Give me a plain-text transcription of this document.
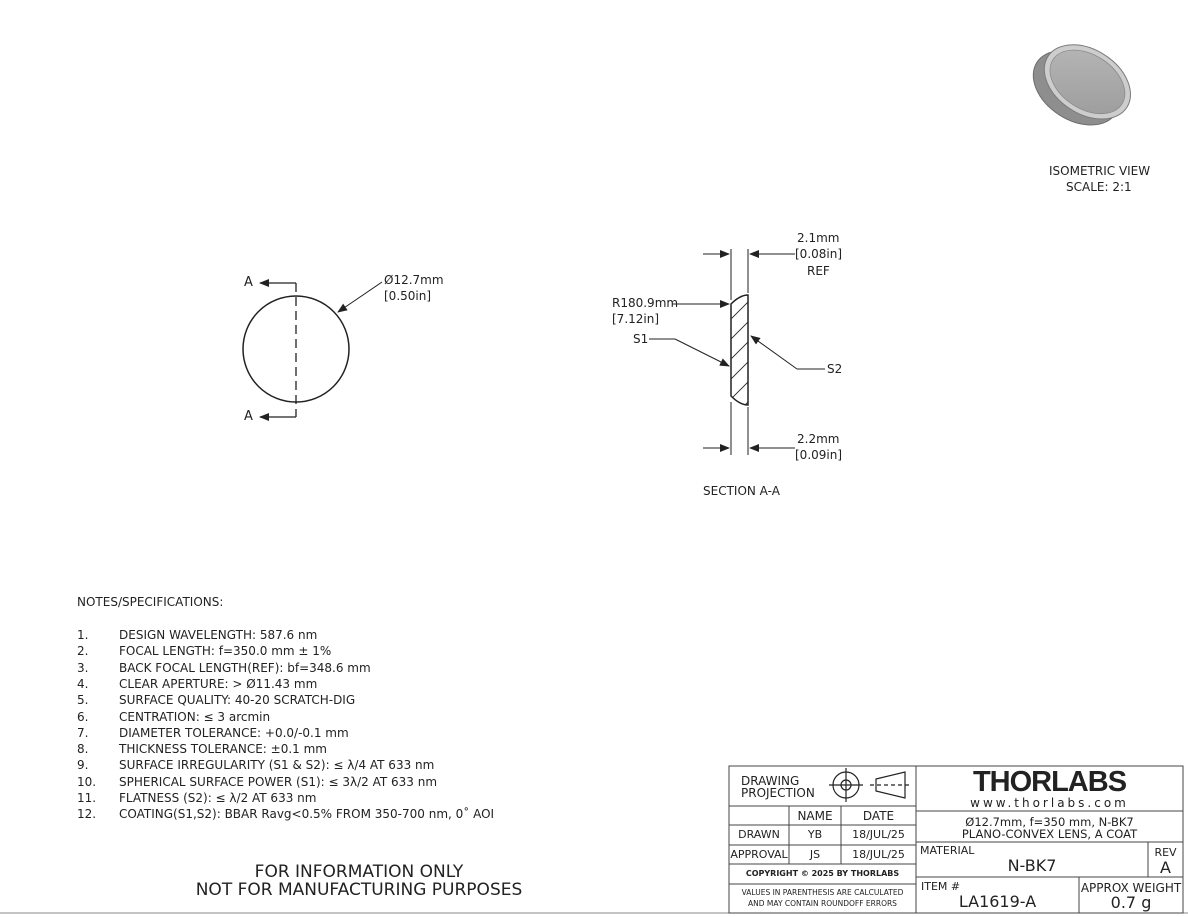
ISOMETRIC VIEW
SCALE: 2:1
A
A
Ø12.7mm
[0.50in]
2.1mm
[0.08in]
REF
R180.9mm
[7.12in]
S1
S2
2.2mm
[0.09in]
SECTION A-A
NOTES/SPECIFICATIONS:
1.	DESIGN WAVELENGTH: 587.6 nm
2.	FOCAL LENGTH: f=350.0 mm ± 1%
3.	BACK FOCAL LENGTH(REF): bf=348.6 mm
4.	CLEAR APERTURE: > Ø11.43 mm
5.	SURFACE QUALITY: 40-20 SCRATCH-DIG
6.	CENTRATION: ≤ 3 arcmin
7.	DIAMETER TOLERANCE: +0.0/-0.1 mm
8.	THICKNESS TOLERANCE: ±0.1 mm
9.	SURFACE IRREGULARITY (S1 & S2): ≤ λ/4 AT 633 nm
10. SPHERICAL SURFACE POWER (S1): ≤ 3λ/2 AT 633 nm
11. FLATNESS (S2): ≤ λ/2 AT 633 nm
12. COATING(S1,S2): BBAR Ravg<0.5% FROM 350-700 nm, 0˚ AOI
FOR INFORMATION ONLY
NOT FOR MANUFACTURING PURPOSES
DRAWING PROJECTION
NAME	DATE
DRAWN	YB	18/JUL/25
APPROVAL	JS	18/JUL/25
COPYRIGHT © 2025 BY THORLABS
VALUES IN PARENTHESIS ARE CALCULATED
AND MAY CONTAIN ROUNDOFF ERRORS
THORLABS
www.thorlabs.com
Ø12.7mm, f=350 mm, N-BK7
PLANO-CONVEX LENS, A COAT
MATERIAL
N-BK7
REV
A
ITEM #
LA1619-A
APPROX WEIGHT
0.7 g
